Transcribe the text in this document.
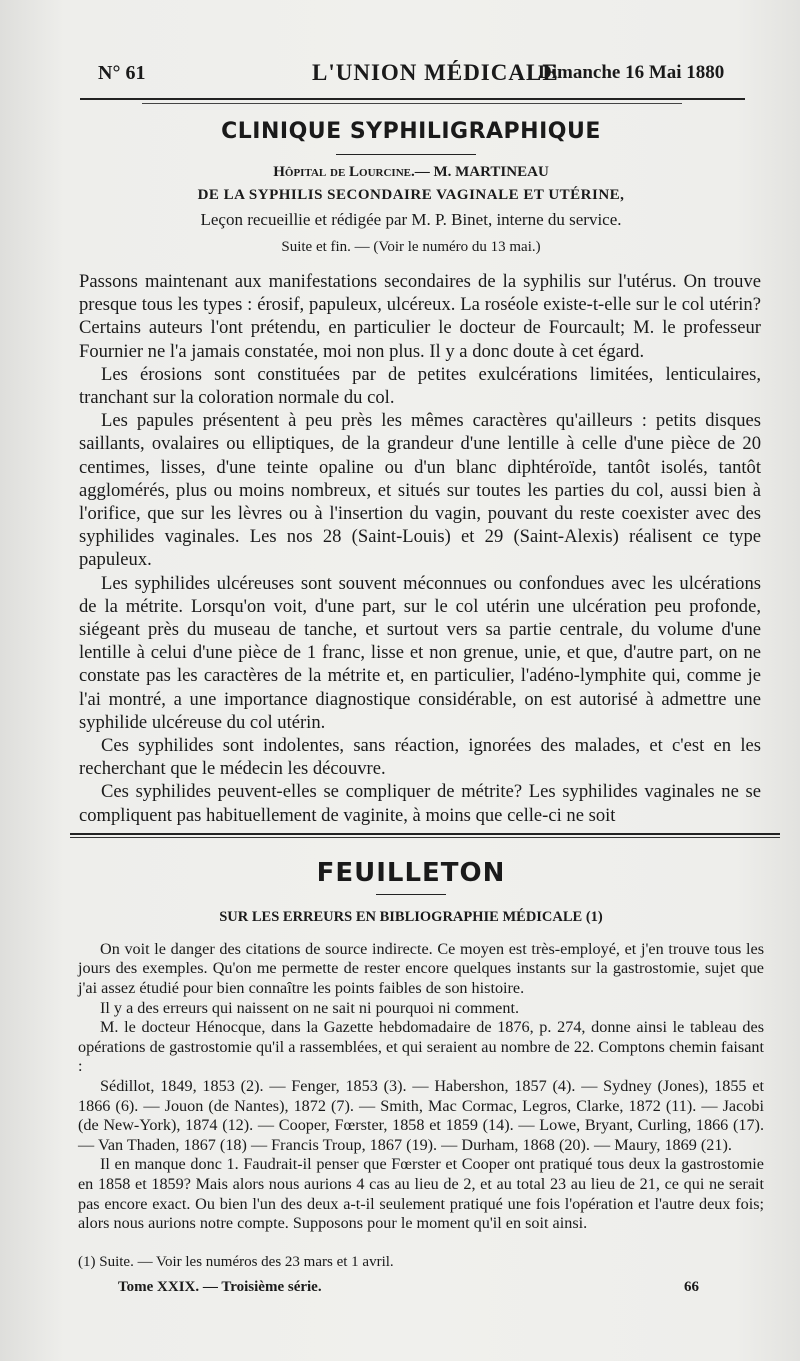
N° 61	L'UNION MÉDICALE
Dimanche 16 Mai 1880
CLINIQUE SYPHILIGRAPHIQUE
Hôpital de Lourcine.— M. MARTINEAU
DE LA SYPHILIS SECONDAIRE VAGINALE ET UTÉRINE,
Leçon recueillie et rédigée par M. P. Binet, interne du service.
Suite et fin. — (Voir le numéro du 13 mai.)

Passons maintenant aux manifestations secondaires de la syphilis sur l'utérus. On trouve presque tous les types : érosif, papuleux, ulcéreux. La roséole existe-t-elle sur le col utérin? Certains auteurs l'ont prétendu, en particulier le docteur de Fourcault; M. le professeur Fournier ne l'a jamais constatée, moi non plus. Il y a donc doute à cet égard.

Les érosions sont constituées par de petites exulcérations limitées, lenticulaires, tranchant sur la coloration normale du col.

Les papules présentent à peu près les mêmes caractères qu'ailleurs : petits disques saillants, ovalaires ou elliptiques, de la grandeur d'une lentille à celle d'une pièce de 20 centimes, lisses, d'une teinte opaline ou d'un blanc diphtéroïde, tantôt isolés, tantôt agglomérés, plus ou moins nombreux, et situés sur toutes les parties du col, aussi bien à l'orifice, que sur les lèvres ou à l'insertion du vagin, pouvant du reste coexister avec des syphilides vaginales. Les nos 28 (Saint-Louis) et 29 (Saint-Alexis) réalisent ce type papuleux.

Les syphilides ulcéreuses sont souvent méconnues ou confondues avec les ulcérations de la métrite. Lorsqu'on voit, d'une part, sur le col utérin une ulcération peu profonde, siégeant près du museau de tanche, et surtout vers sa partie centrale, du volume d'une lentille à celui d'une pièce de 1 franc, lisse et non grenue, unie, et que, d'autre part, on ne constate pas les caractères de la métrite et, en particulier, l'adéno-lymphite qui, comme je l'ai montré, a une importance diagnostique considérable, on est autorisé à admettre une syphilide ulcéreuse du col utérin.

Ces syphilides sont indolentes, sans réaction, ignorées des malades, et c'est en les recherchant que le médecin les découvre.

Ces syphilides peuvent-elles se compliquer de métrite? Les syphilides vaginales ne se compliquent pas habituellement de vaginite, à moins que celle-ci ne soit

FEUILLETON
SUR LES ERREURS EN BIBLIOGRAPHIE MÉDICALE (1)

On voit le danger des citations de source indirecte. Ce moyen est très-employé, et j'en trouve tous les jours des exemples. Qu'on me permette de rester encore quelques instants sur la gastrostomie, sujet que j'ai assez étudié pour bien connaître les points faibles de son histoire.

Il y a des erreurs qui naissent on ne sait ni pourquoi ni comment.

M. le docteur Hénocque, dans la Gazette hebdomadaire de 1876, p. 274, donne ainsi le tableau des opérations de gastrostomie qu'il a rassemblées, et qui seraient au nombre de 22. Comptons chemin faisant :

Sédillot, 1849, 1853 (2). — Fenger, 1853 (3). — Habershon, 1857 (4). — Sydney (Jones), 1855 et 1866 (6). — Jouon (de Nantes), 1872 (7). — Smith, Mac Cormac, Legros, Clarke, 1872 (11). — Jacobi (de New-York), 1874 (12). — Cooper, Fœrster, 1858 et 1859 (14). — Lowe, Bryant, Curling, 1866 (17). — Van Thaden, 1867 (18) — Francis Troup, 1867 (19). — Durham, 1868 (20). — Maury, 1869 (21).

Il en manque donc 1. Faudrait-il penser que Fœrster et Cooper ont pratiqué tous deux la gastrostomie en 1858 et 1859? Mais alors nous aurions 4 cas au lieu de 2, et au total 23 au lieu de 21, ce qui ne serait pas encore exact. Ou bien l'un des deux a-t-il seulement pratiqué une fois l'opération et l'autre deux fois; alors nous aurions notre compte. Supposons pour le moment qu'il en soit ainsi.

(1) Suite. — Voir les numéros des 23 mars et 1 avril.
Tome XXIX. — Troisième série.	66
